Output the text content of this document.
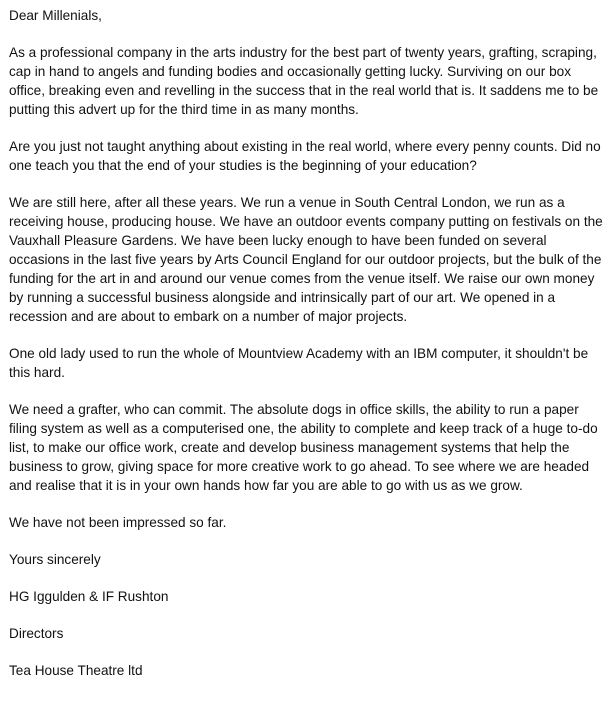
Dear Millenials,

As a professional company in the arts industry for the best part of twenty years, grafting, scraping, cap in hand to angels and funding bodies and occasionally getting lucky. Surviving on our box office, breaking even and revelling in the success that in the real world that is. It saddens me to be putting this advert up for the third time in as many months.

Are you just not taught anything about existing in the real world, where every penny counts. Did no one teach you that the end of your studies is the beginning of your education?

We are still here, after all these years. We run a venue in South Central London, we run as a receiving house, producing house. We have an outdoor events company putting on festivals on the Vauxhall Pleasure Gardens. We have been lucky enough to have been funded on several occasions in the last five years by Arts Council England for our outdoor projects, but the bulk of the funding for the art in and around our venue comes from the venue itself. We raise our own money by running a successful business alongside and intrinsically part of our art. We opened in a recession and are about to embark on a number of major projects.

One old lady used to run the whole of Mountview Academy with an IBM computer, it shouldn't be this hard.

We need a grafter, who can commit. The absolute dogs in office skills, the ability to run a paper filing system as well as a computerised one, the ability to complete and keep track of a huge to-do list, to make our office work, create and develop business management systems that help the business to grow, giving space for more creative work to go ahead. To see where we are headed and realise that it is in your own hands how far you are able to go with us as we grow.

We have not been impressed so far.

Yours sincerely

HG Iggulden & IF Rushton

Directors

Tea House Theatre ltd
